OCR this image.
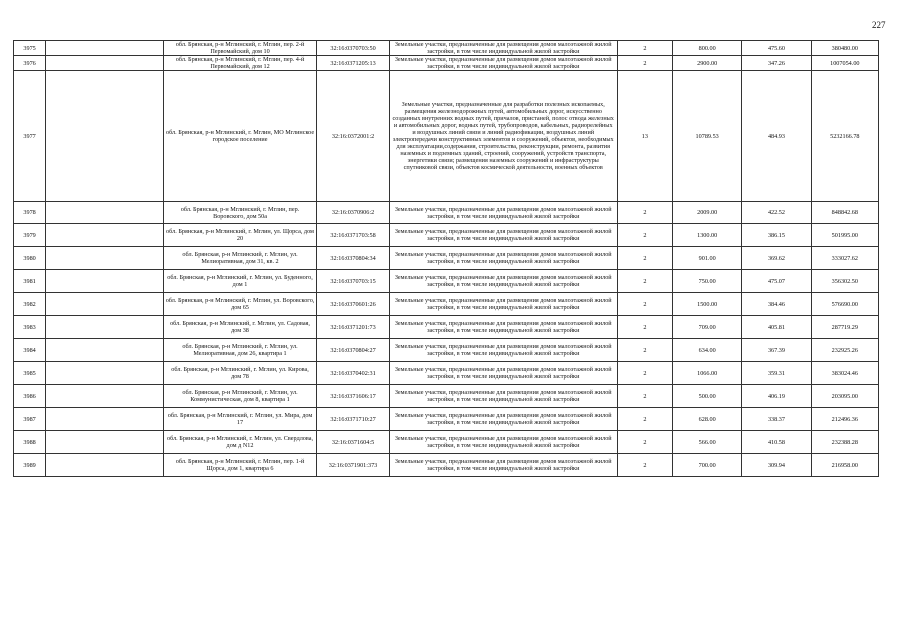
227
3975		обл. Брянская, р-н Мглинский, г. Мглин, пер. 2-й Первомайский, дом 10	32:16:0370703:50	Земельные участки, предназначенные для размещения домов малоэтажной жилой застройки, в том числе индивидуальной жилой застройки	2	800.00	475.60	380480.00
3976		обл. Брянская, р-н Мглинский, г. Мглин, пер. 4-й Первомайский, дом 12	32:16:0371205:13	Земельные участки, предназначенные для размещения домов малоэтажной жилой застройки, в том числе индивидуальной жилой застройки	2	2900.00	347.26	1007054.00
3977		обл. Брянская, р-н Мглинский, г. Мглин, МО Мглинское городское поселение	32:16:0372001:2	Земельные участки, предназначенные для разработки полезных ископаемых, размещения железнодорожных путей, автомобильных дорог, искусственно созданных внутренних водных путей, причалов, пристаней, полос отвода железных и автомобильных дорог, водных путей, трубопроводов, кабельных, радиорелейных и воздушных линий связи и линий радиофикации, воздушных линий электропередачи конструктивных элементов и сооружений, объектов, необходимых для эксплуатации,содержания, строительства, реконструкции, ремонта, развития наземных и подземных зданий, строений, сооружений, устройств транспорта, энергетики связи; размещения наземных сооружений и инфраструктуры спутниковой связи, объектов космической деятельности, военных объектов	13	10789.53	484.93	5232166.78
3978		обл. Брянская, р-н Мглинский, г. Мглин, пер. Воровского, дом 50а	32:16:0370906:2	Земельные участки, предназначенные для размещения домов малоэтажной жилой застройки, в том числе индивидуальной жилой застройки	2	2009.00	422.52	848842.68
3979		обл. Брянская, р-н Мглинский, г. Мглин, ул. Щорса, дом 20	32:16:0371703:58	Земельные участки, предназначенные для размещения домов малоэтажной жилой застройки, в том числе индивидуальной жилой застройки	2	1300.00	386.15	501995.00
3980		обл. Брянская, р-н Мглинский, г. Мглин, ул. Мелиоративная, дом 31, кв. 2	32:16:0370804:34	Земельные участки, предназначенные для размещения домов малоэтажной жилой застройки, в том числе индивидуальной жилой застройки	2	901.00	369.62	333027.62
3981		обл. Брянская, р-н Мглинский, г. Мглин, ул. Буденного, дом 1	32:16:0370703:15	Земельные участки, предназначенные для размещения домов малоэтажной жилой застройки, в том числе индивидуальной жилой застройки	2	750.00	475.07	356302.50
3982		обл. Брянская, р-н Мглинский, г. Мглин, ул. Воровского, дом 65	32:16:0370601:26	Земельные участки, предназначенные для размещения домов малоэтажной жилой застройки, в том числе индивидуальной жилой застройки	2	1500.00	384.46	576690.00
3983		обл. Брянская, р-н Мглинский, г. Мглин, ул. Садовая, дом 38	32:16:0371201:73	Земельные участки, предназначенные для размещения домов малоэтажной жилой застройки, в том числе индивидуальной жилой застройки	2	709.00	405.81	287719.29
3984		обл. Брянская, р-н Мглинский, г. Мглин, ул. Мелиоративная, дом 26, квартира 1	32:16:0370804:27	Земельные участки, предназначенные для размещения домов малоэтажной жилой застройки, в том числе индивидуальной жилой застройки	2	634.00	367.39	232925.26
3985		обл. Брянская, р-н Мглинский, г. Мглин, ул. Кирова, дом 78	32:16:0370402:31	Земельные участки, предназначенные для размещения домов малоэтажной жилой застройки, в том числе индивидуальной жилой застройки	2	1066.00	359.31	383024.46
3986		обл. Брянская, р-н Мглинский, г. Мглин, ул. Коммунистическая, дом 8, квартира 1	32:16:0371606:17	Земельные участки, предназначенные для размещения домов малоэтажной жилой застройки, в том числе индивидуальной жилой застройки	2	500.00	406.19	203095.00
3987		обл. Брянская, р-н Мглинский, г. Мглин, ул. Мира, дом 17	32:16:0371710:27	Земельные участки, предназначенные для размещения домов малоэтажной жилой застройки, в том числе индивидуальной жилой застройки	2	628.00	338.37	212496.36
3988		обл. Брянская, р-н Мглинский, г. Мглин, ул. Свердлова, дом д N12	32:16:0371604:5	Земельные участки, предназначенные для размещения домов малоэтажной жилой застройки, в том числе индивидуальной жилой застройки	2	566.00	410.58	232388.28
3989		обл. Брянская, р-н Мглинский, г. Мглин, пер. 1-й Щорса, дом 1, квартира 6	32:16:0371901:373	Земельные участки, предназначенные для размещения домов малоэтажной жилой застройки, в том числе индивидуальной жилой застройки	2	700.00	309.94	216958.00
